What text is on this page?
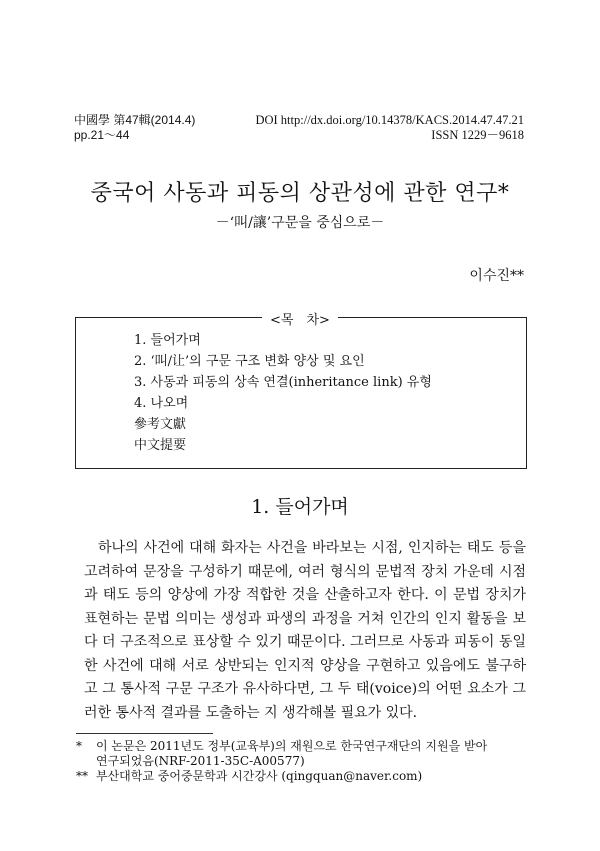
中國學 第47輯(2014.4)
pp.21～44
DOI http://dx.doi.org/10.14378/KACS.2014.47.47.21
ISSN 1229－9618
중국어 사동과 피동의 상관성에 관한 연구*
－‘叫/讓’구문을 중심으로－
이수진**
<목　차>
1. 들어가며
2. ‘叫/让’의 구문 구조 변화 양상 및 요인
3. 사동과 피동의 상속 연결(inheritance link) 유형
4. 나오며
參考文獻
中文提要
1. 들어가며

하나의 사건에 대해 화자는 사건을 바라보는 시점, 인지하는 태도 등을 고려하여 문장을 구성하기 때문에, 여러 형식의 문법적 장치 가운데 시점과 태도 등의 양상에 가장 적합한 것을 산출하고자 한다. 이 문법 장치가 표현하는 문법 의미는 생성과 파생의 과정을 거쳐 인간의 인지 활동을 보다 더 구조적으로 표상할 수 있기 때문이다. 그러므로 사동과 피동이 동일한 사건에 대해 서로 상반되는 인지적 양상을 구현하고 있음에도 불구하고 그 통사적 구문 구조가 유사하다면, 그 두 태(voice)의 어떤 요소가 그러한 통사적 결과를 도출하는 지 생각해볼 필요가 있다.

* 이 논문은 2011년도 정부(교육부)의 재원으로 한국연구재단의 지원을 받아
연구되었음(NRF-2011-35C-A00577)
** 부산대학교 중어중문학과 시간강사 (qingquan@naver.com)
